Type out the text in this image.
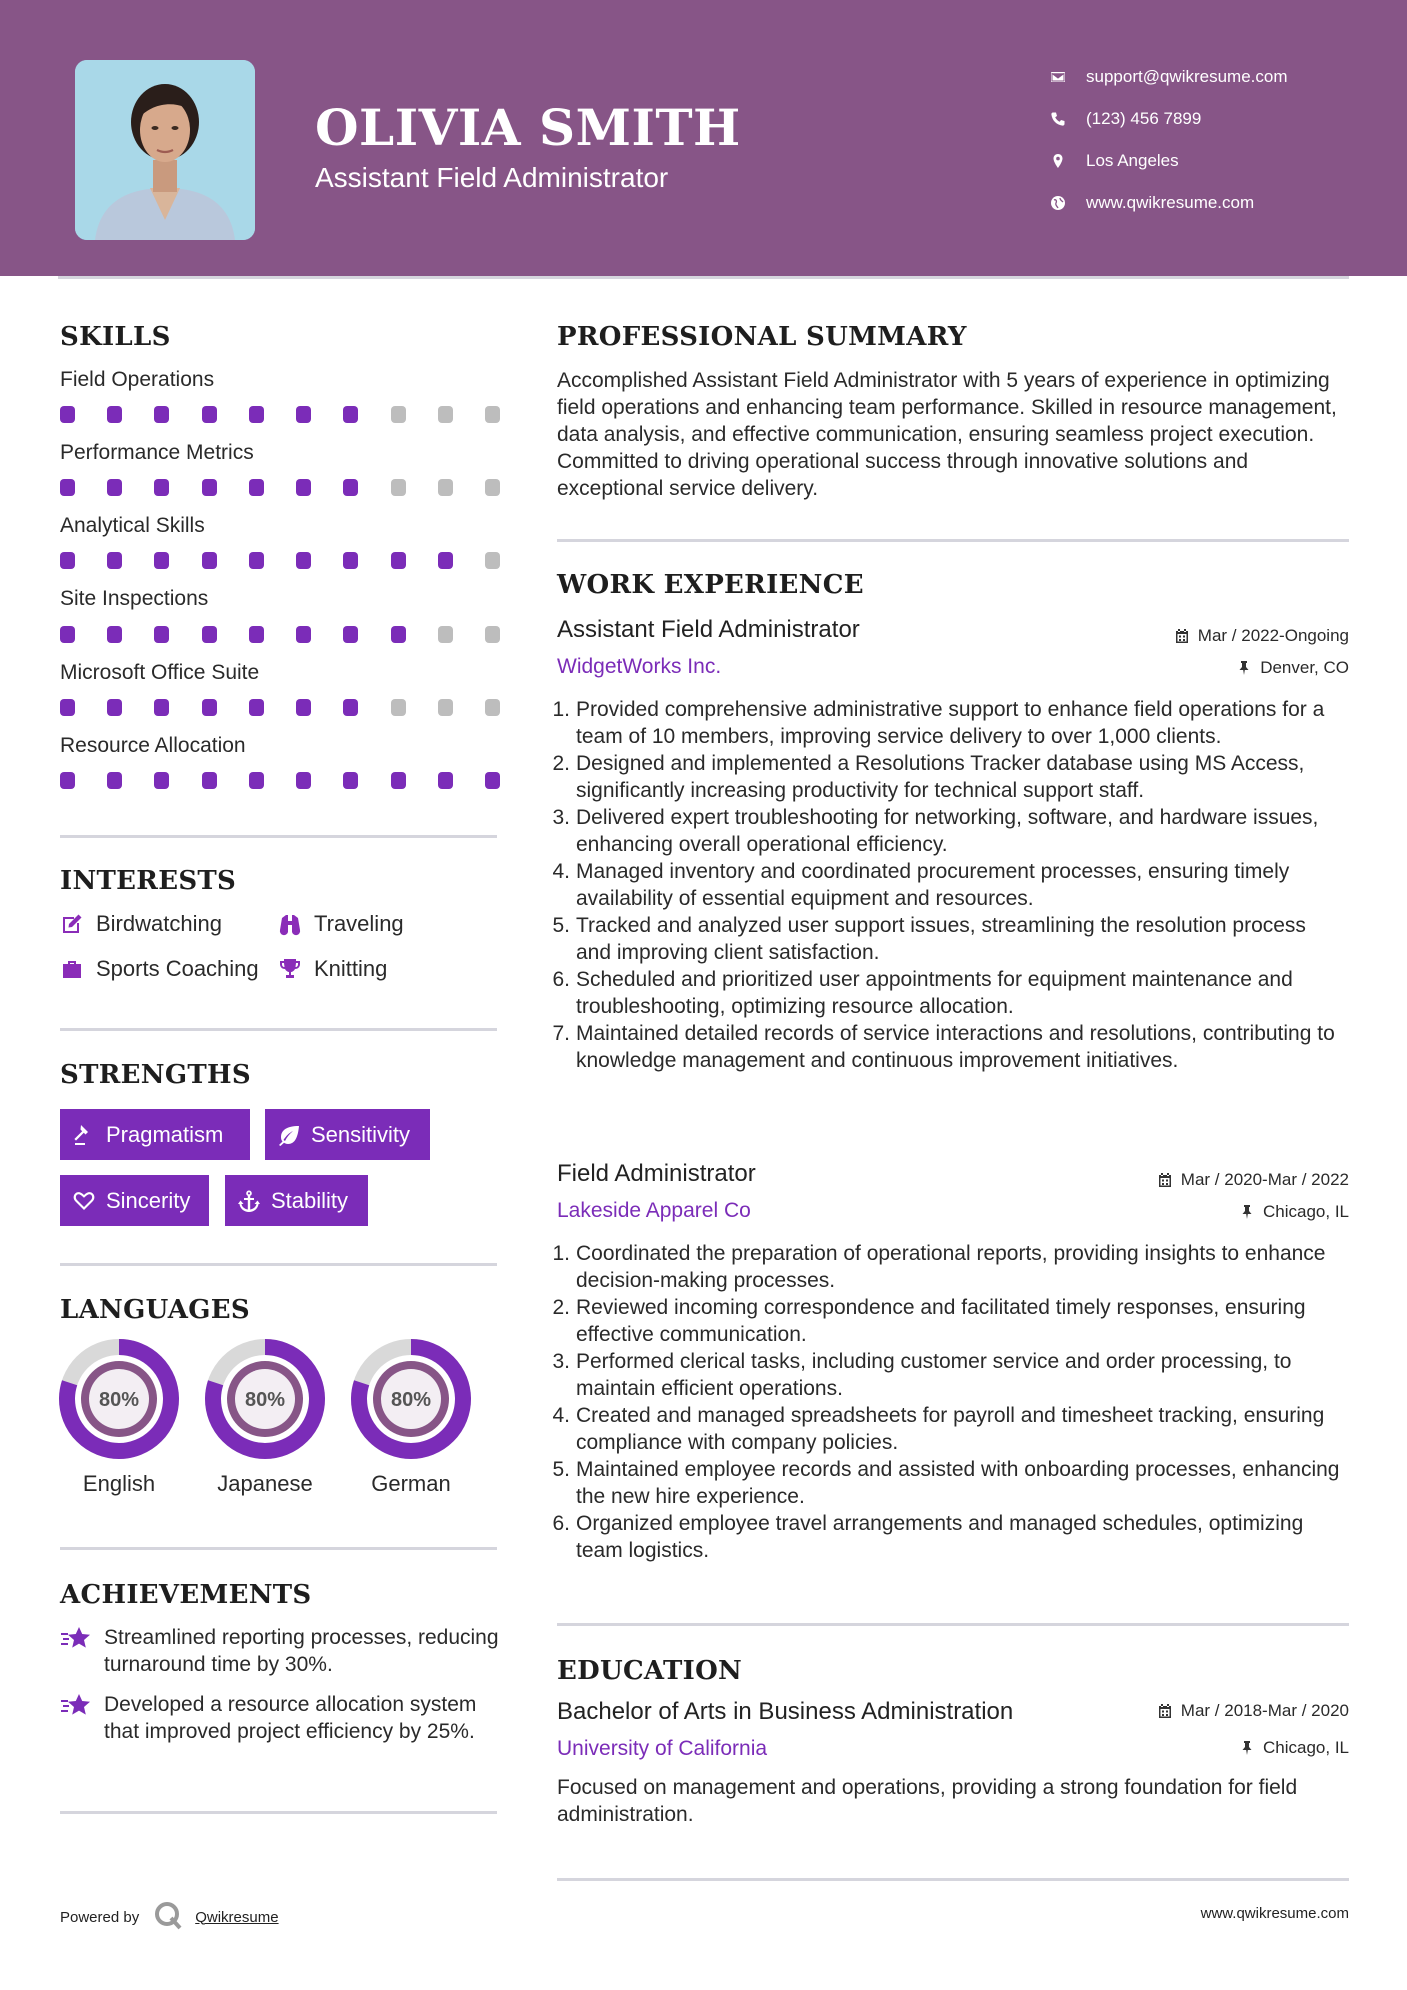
OLIVIA SMITH
Assistant Field Administrator
support@qwikresume.com
(123) 456 7899
Los Angeles
www.qwikresume.com
SKILLS
Field Operations
Performance Metrics
Analytical Skills
Site Inspections
Microsoft Office Suite
Resource Allocation
INTERESTS
Birdwatching	Traveling
Sports Coaching	Knitting
STRENGTHS
Pragmatism	Sensitivity
Sincerity	Stability
LANGUAGES
80%
English
80%
Japanese
80%
German
ACHIEVEMENTS
Streamlined reporting processes, reducing turnaround time by 30%.
Developed a resource allocation system that improved project efficiency by 25%.
PROFESSIONAL SUMMARY
Accomplished Assistant Field Administrator with 5 years of experience in optimizing field operations and enhancing team performance. Skilled in resource management, data analysis, and effective communication, ensuring seamless project execution. Committed to driving operational success through innovative solutions and exceptional service delivery.
WORK EXPERIENCE
Assistant Field Administrator	Mar / 2022-Ongoing
WidgetWorks Inc.	Denver, CO
1. Provided comprehensive administrative support to enhance field operations for a team of 10 members, improving service delivery to over 1,000 clients.
2. Designed and implemented a Resolutions Tracker database using MS Access, significantly increasing productivity for technical support staff.
3. Delivered expert troubleshooting for networking, software, and hardware issues, enhancing overall operational efficiency.
4. Managed inventory and coordinated procurement processes, ensuring timely availability of essential equipment and resources.
5. Tracked and analyzed user support issues, streamlining the resolution process and improving client satisfaction.
6. Scheduled and prioritized user appointments for equipment maintenance and troubleshooting, optimizing resource allocation.
7. Maintained detailed records of service interactions and resolutions, contributing to knowledge management and continuous improvement initiatives.
Field Administrator	Mar / 2020-Mar / 2022
Lakeside Apparel Co	Chicago, IL
1. Coordinated the preparation of operational reports, providing insights to enhance decision-making processes.
2. Reviewed incoming correspondence and facilitated timely responses, ensuring effective communication.
3. Performed clerical tasks, including customer service and order processing, to maintain efficient operations.
4. Created and managed spreadsheets for payroll and timesheet tracking, ensuring compliance with company policies.
5. Maintained employee records and assisted with onboarding processes, enhancing the new hire experience.
6. Organized employee travel arrangements and managed schedules, optimizing team logistics.
EDUCATION
Bachelor of Arts in Business Administration	Mar / 2018-Mar / 2020
University of California	Chicago, IL
Focused on management and operations, providing a strong foundation for field administration.
Powered by	Qwikresume	www.qwikresume.com
